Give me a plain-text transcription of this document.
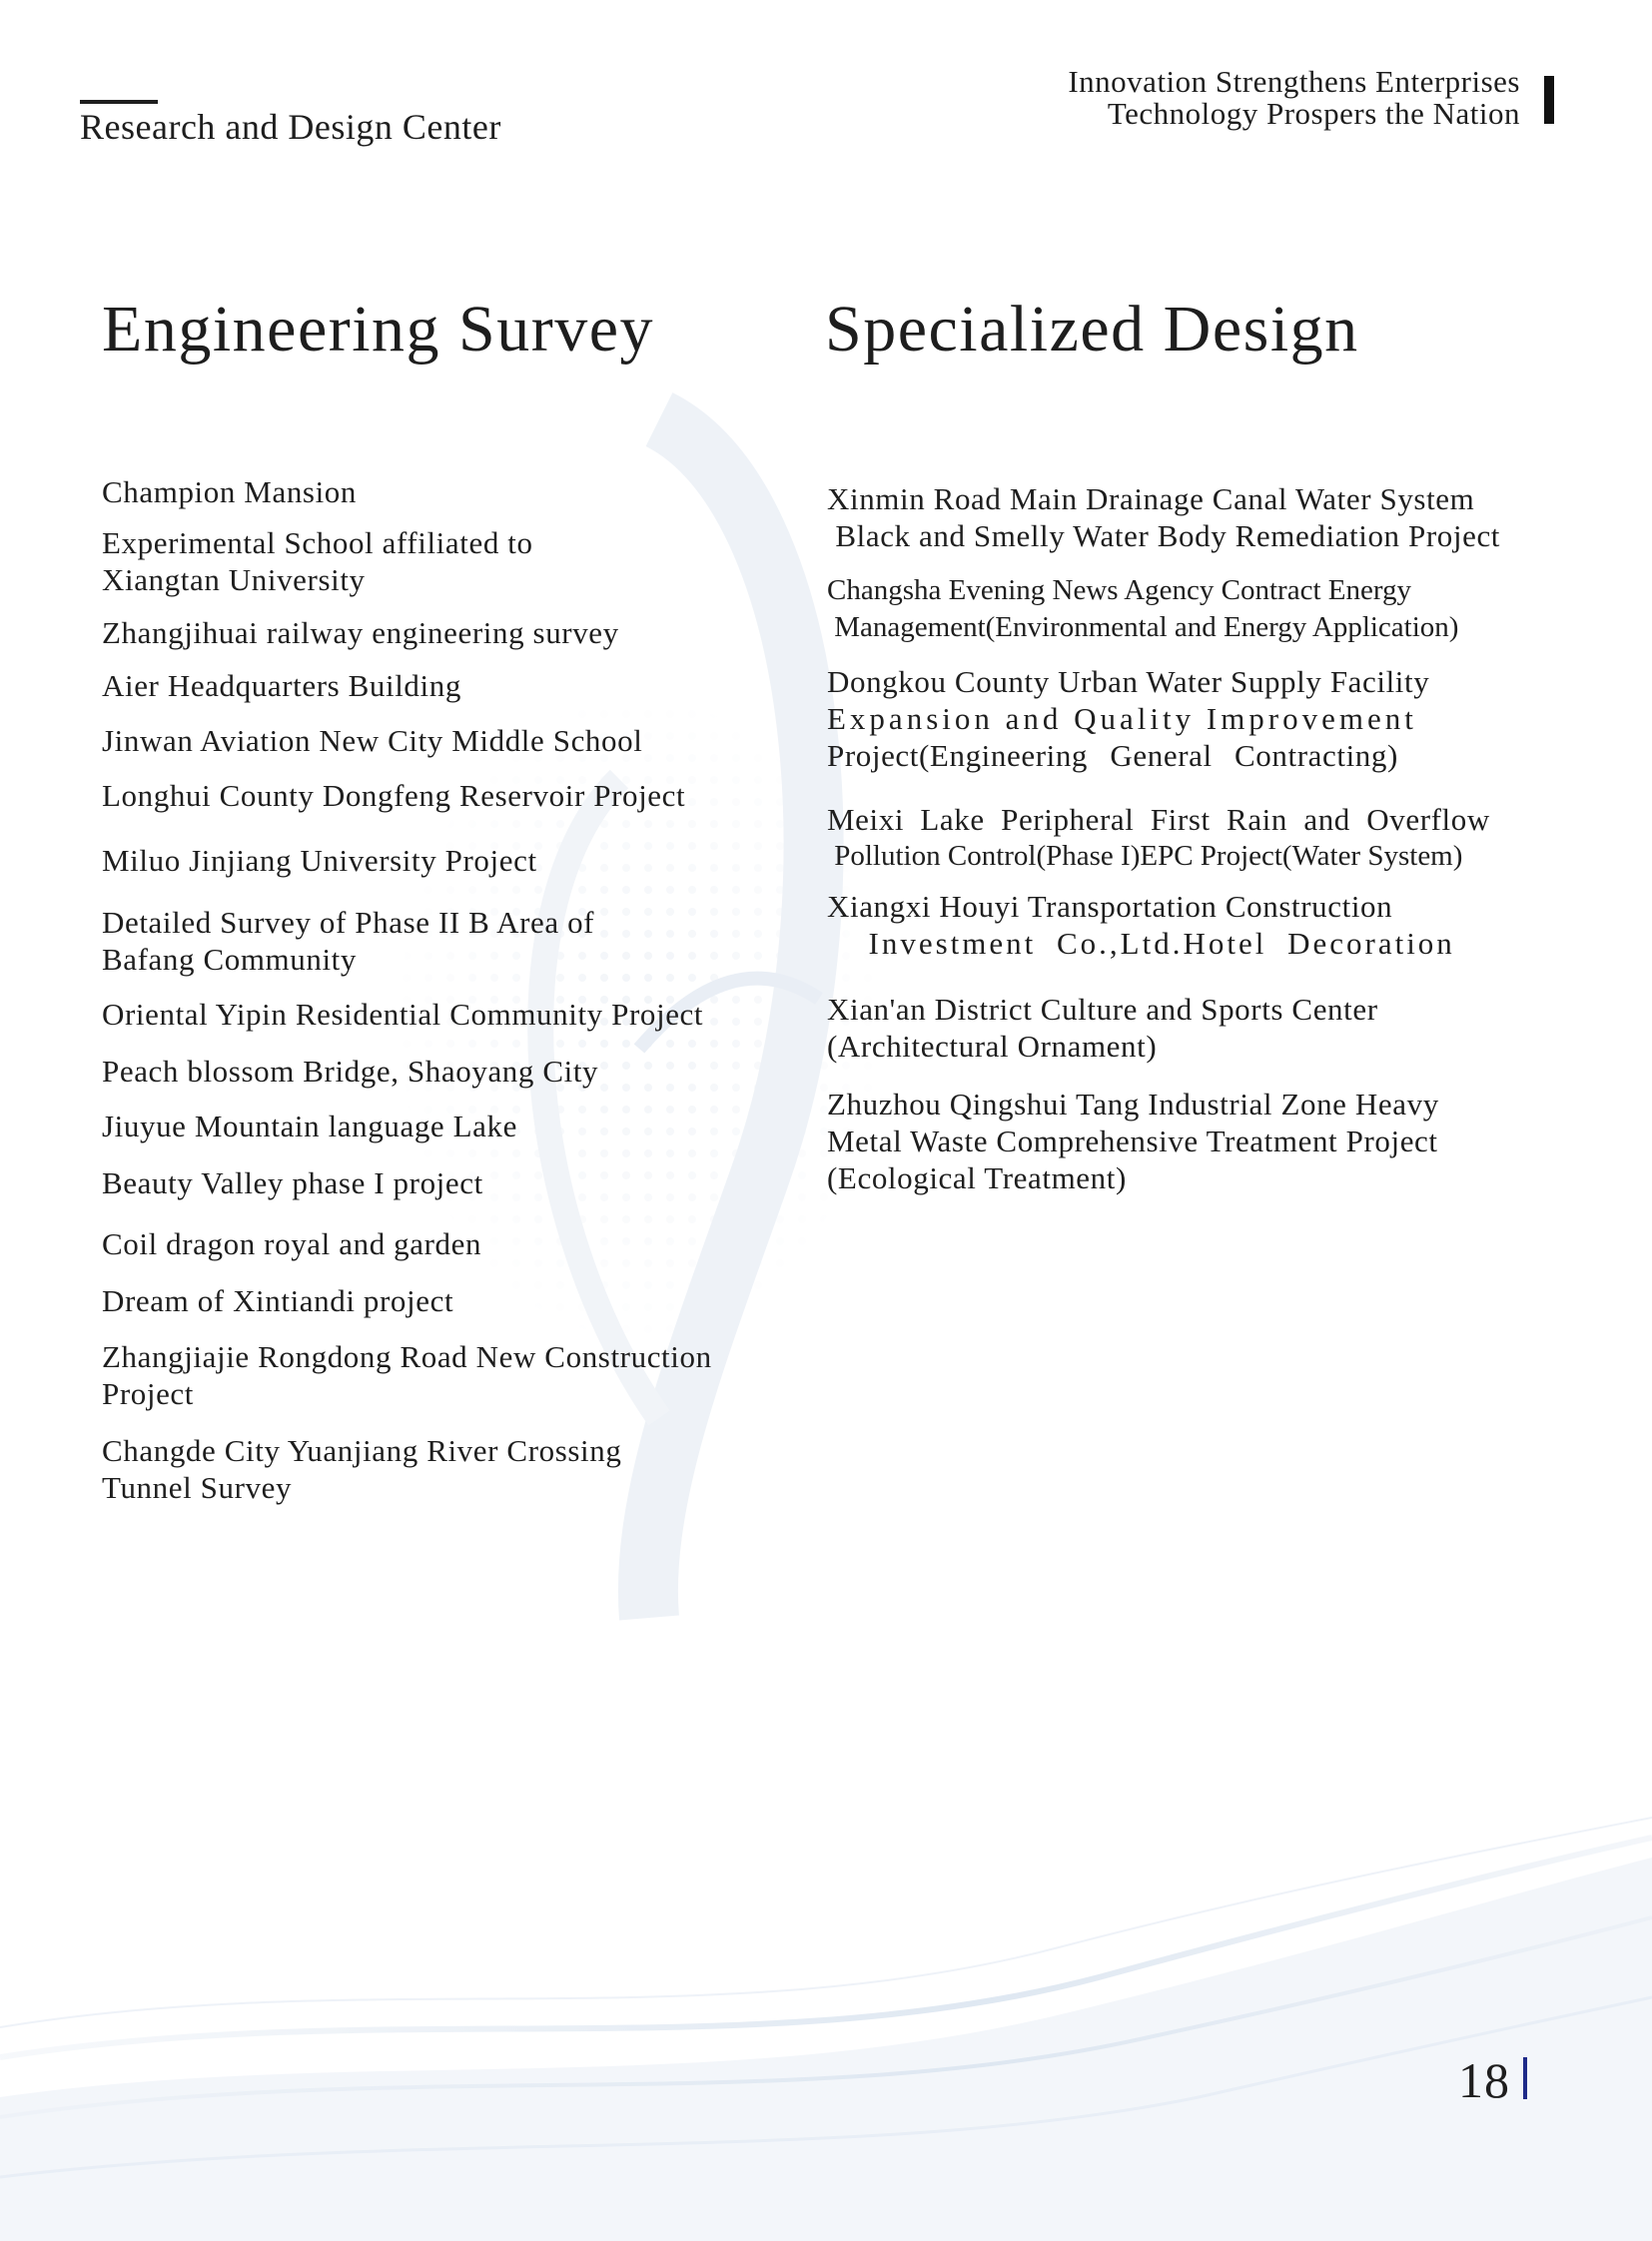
Research and Design Center
Innovation Strengthens Enterprises
Technology Prospers the Nation
Engineering Survey	Specialized Design
Champion Mansion
Experimental School affiliated to
Xiangtan University
Zhangjihuai railway engineering survey
Aier Headquarters Building
Jinwan Aviation New City Middle School
Longhui County Dongfeng Reservoir Project
Miluo Jinjiang University Project
Detailed Survey of Phase II B Area of
Bafang Community
Oriental Yipin Residential Community Project
Peach blossom Bridge, Shaoyang City
Jiuyue Mountain language Lake
Beauty Valley phase I project
Coil dragon royal and garden
Dream of Xintiandi project
Zhangjiajie Rongdong Road New Construction
Project
Changde City Yuanjiang River Crossing
Tunnel Survey
Xinmin Road Main Drainage Canal Water System
Black and Smelly Water Body Remediation Project
Changsha Evening News Agency Contract Energy
Management(Environmental and Energy Application)
Dongkou County Urban Water Supply Facility
Expansion and Quality Improvement
Project(Engineering General Contracting)
Meixi Lake Peripheral First Rain and Overflow
Pollution Control(Phase I)EPC Project(Water System)
Xiangxi Houyi Transportation Construction
Investment Co.,Ltd.Hotel Decoration
Xian'an District Culture and Sports Center
(Architectural Ornament)
Zhuzhou Qingshui Tang Industrial Zone Heavy
Metal Waste Comprehensive Treatment Project
(Ecological Treatment)
18
